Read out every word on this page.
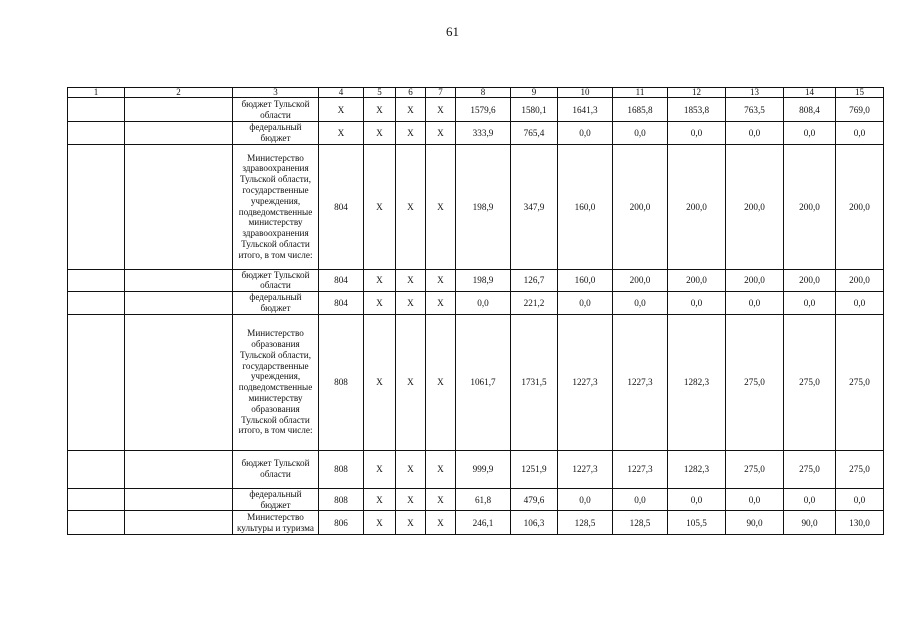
61
1	2	3	4	5	6	7	8	9	10	11	12	13	14	15
		бюджет Тульской области	X	X	X	X	1579,6	1580,1	1641,3	1685,8	1853,8	763,5	808,4	769,0
		федеральный бюджет	X	X	X	X	333,9	765,4	0,0	0,0	0,0	0,0	0,0	0,0
		Министерство здравоохранения Тульской области, государственные учреждения, подведомственные министерству здравоохранения Тульской области итого, в том числе:	804	X	X	X	198,9	347,9	160,0	200,0	200,0	200,0	200,0	200,0
		бюджет Тульской области	804	X	X	X	198,9	126,7	160,0	200,0	200,0	200,0	200,0	200,0
		федеральный бюджет	804	X	X	X	0,0	221,2	0,0	0,0	0,0	0,0	0,0	0,0
		Министерство образования Тульской области, государственные учреждения, подведомственные министерству образования Тульской области итого, в том числе:	808	X	X	X	1061,7	1731,5	1227,3	1227,3	1282,3	275,0	275,0	275,0
		бюджет Тульской области	808	X	X	X	999,9	1251,9	1227,3	1227,3	1282,3	275,0	275,0	275,0
		федеральный бюджет	808	X	X	X	61,8	479,6	0,0	0,0	0,0	0,0	0,0	0,0
		Министерство культуры и туризма	806	X	X	X	246,1	106,3	128,5	128,5	105,5	90,0	90,0	130,0
